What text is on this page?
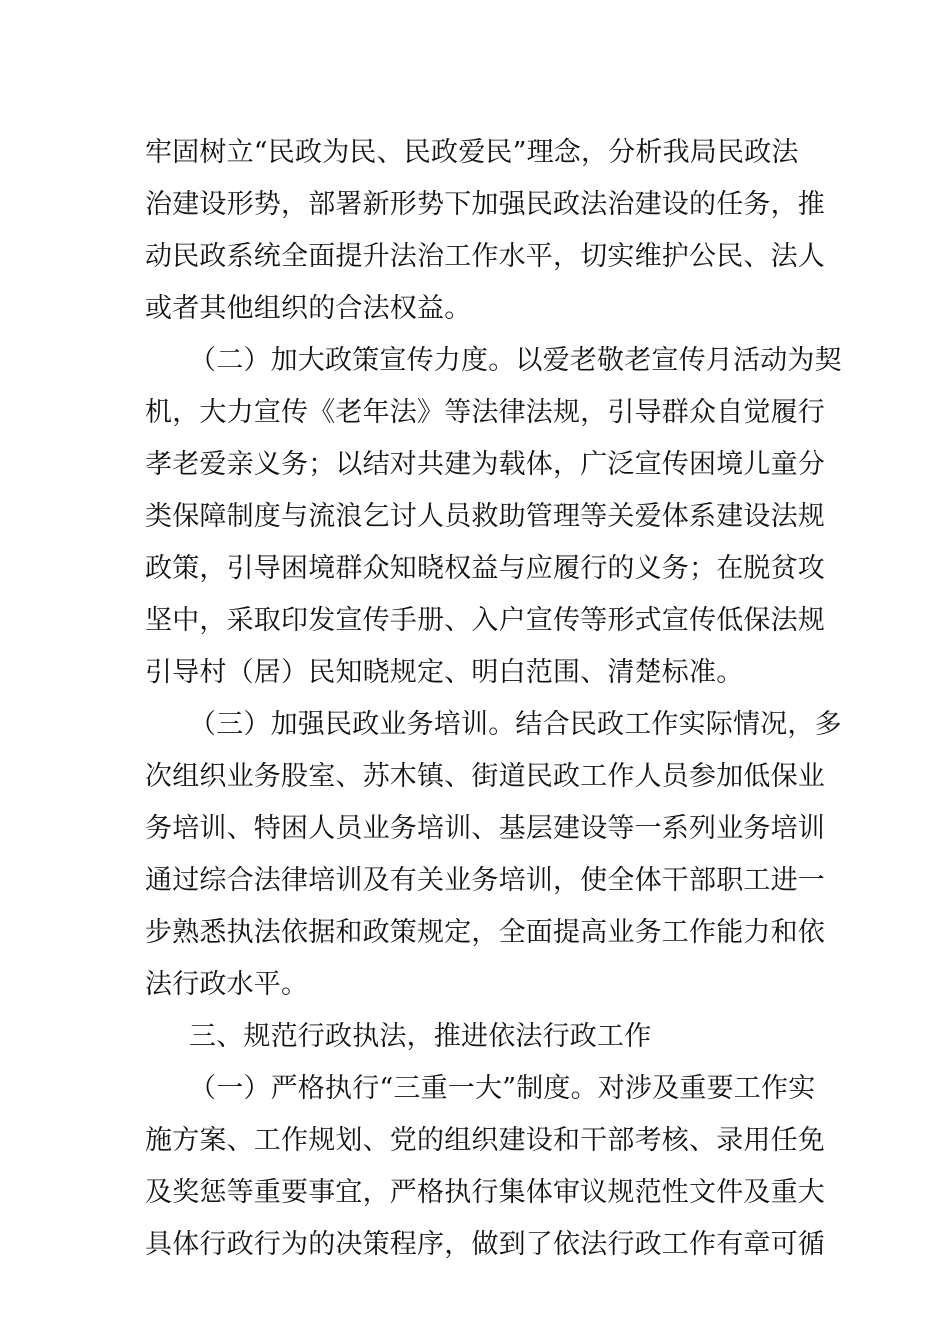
牢固树立“民政为民、民政爱民”理念，分析我局民政法
治建设形势，部署新形势下加强民政法治建设的任务，推
动民政系统全面提升法治工作水平，切实维护公民、法人
或者其他组织的合法权益。
（二）加大政策宣传力度。以爱老敬老宣传月活动为契
机，大力宣传《老年法》等法律法规，引导群众自觉履行
孝老爱亲义务；以结对共建为载体，广泛宣传困境儿童分
类保障制度与流浪乞讨人员救助管理等关爱体系建设法规
政策，引导困境群众知晓权益与应履行的义务；在脱贫攻
坚中，采取印发宣传手册、入户宣传等形式宣传低保法规
引导村（居）民知晓规定、明白范围、清楚标准。
（三）加强民政业务培训。结合民政工作实际情况，多
次组织业务股室、苏木镇、街道民政工作人员参加低保业
务培训、特困人员业务培训、基层建设等一系列业务培训
通过综合法律培训及有关业务培训，使全体干部职工进一
步熟悉执法依据和政策规定，全面提高业务工作能力和依
法行政水平。
三、规范行政执法，推进依法行政工作
（一）严格执行“三重一大”制度。对涉及重要工作实
施方案、工作规划、党的组织建设和干部考核、录用任免
及奖惩等重要事宜，严格执行集体审议规范性文件及重大
具体行政行为的决策程序，做到了依法行政工作有章可循
